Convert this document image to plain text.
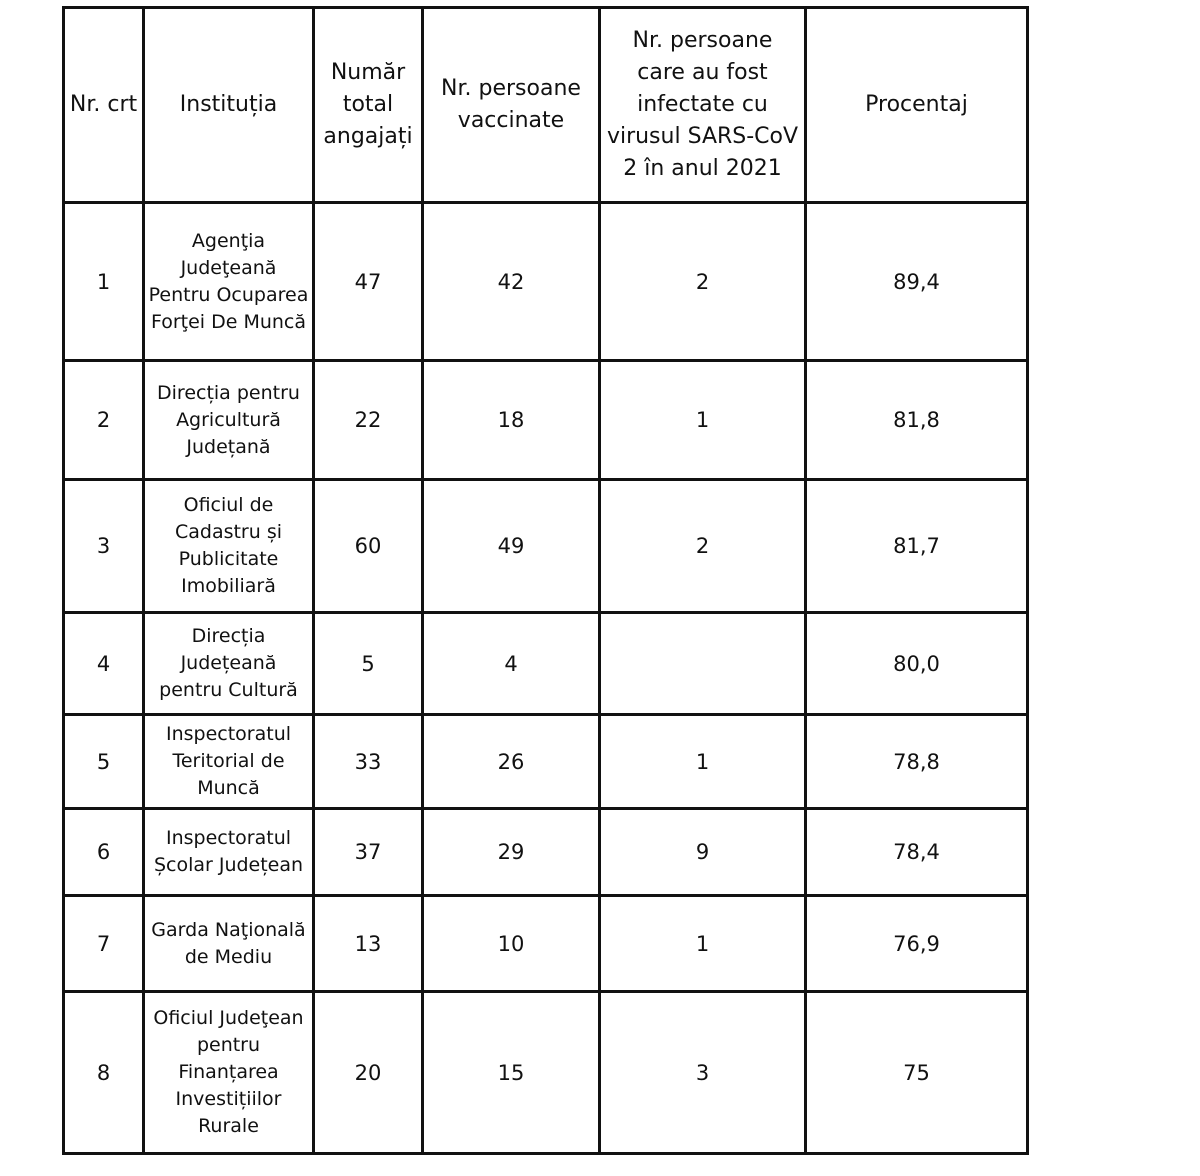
Nr. crt	Instituția	Număr
total
angajați	Nr. persoane
vaccinate	Nr. persoane
care au fost
infectate cu
virusul SARS-CoV
2 în anul 2021	Procentaj

1	Agenţia
Judeţeană
Pentru Ocuparea
Forţei De Muncă	47	42	2	89,4
2	Direcția pentru
Agricultură
Județană	22	18	1	81,8
3	Oficiul de
Cadastru și
Publicitate
Imobiliară	60	49	2	81,7
4	Direcția
Județeană
pentru Cultură	5	4		80,0
5	Inspectoratul
Teritorial de
Muncă	33	26	1	78,8
6	Inspectoratul
Școlar Județean	37	29	9	78,4
7	Garda Naţională
de Mediu	13	10	1	76,9
8	Oficiul Judeţean
pentru
Finanțarea
Investițiilor
Rurale	20	15	3	75
